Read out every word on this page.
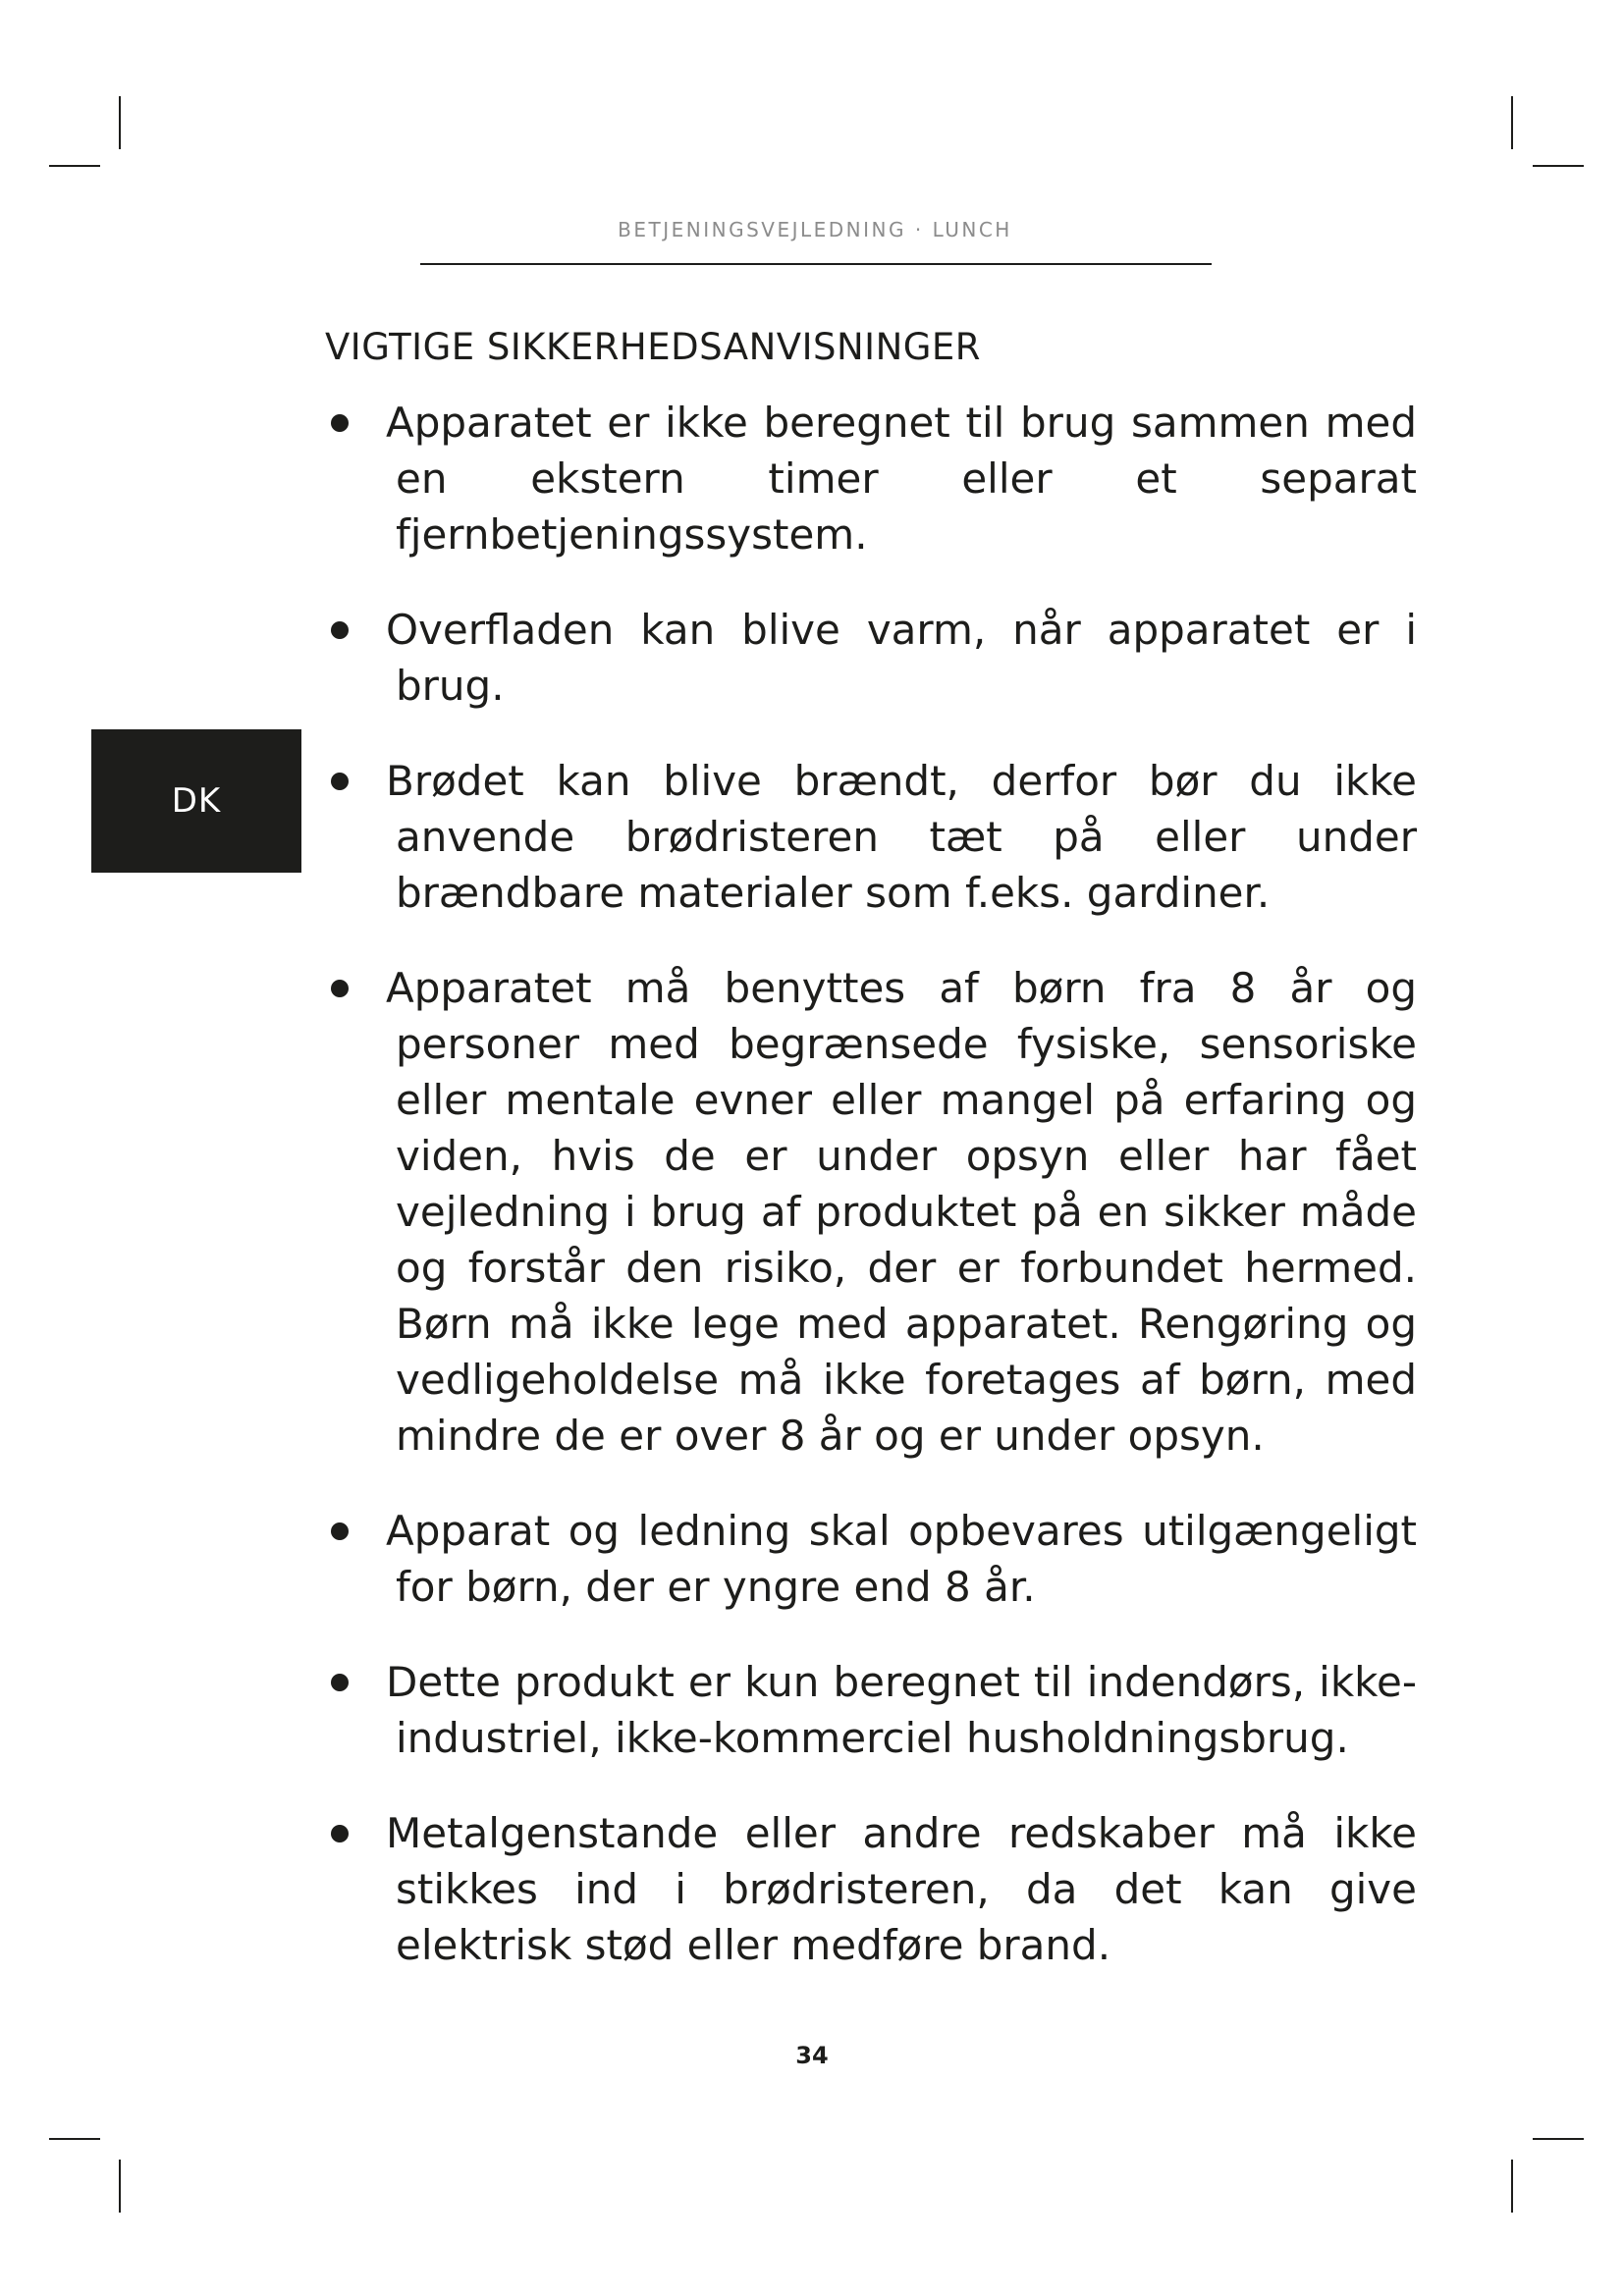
BETJENINGSVEJLEDNING · LUNCH
VIGTIGE SIKKERHEDSANVISNINGER
DK
Apparatet er ikke beregnet til brug sammen med en ekstern timer eller et separat fjernbetjeningssystem.
Overfladen kan blive varm, når apparatet er i brug.
Brødet kan blive brændt, derfor bør du ikke anvende brødristeren tæt på eller under brændbare materialer som f.eks. gardiner.
Apparatet må benyttes af børn fra 8 år og personer med begrænsede fysiske, sensoriske eller mentale evner eller mangel på erfaring og viden, hvis de er under opsyn eller har fået vejledning i brug af produktet på en sikker måde og forstår den risiko, der er forbundet hermed. Børn må ikke lege med apparatet. Rengøring og vedligeholdelse må ikke foretages af børn, med mindre de er over 8 år og er under opsyn.
Apparat og ledning skal opbevares utilgængeligt for børn, der er yngre end 8 år.
Dette produkt er kun beregnet til indendørs, ikke-industriel, ikke-kommerciel husholdningsbrug.
Metalgenstande eller andre redskaber må ikke stikkes ind i brødristeren, da det kan give elektrisk stød eller medføre brand.
34
